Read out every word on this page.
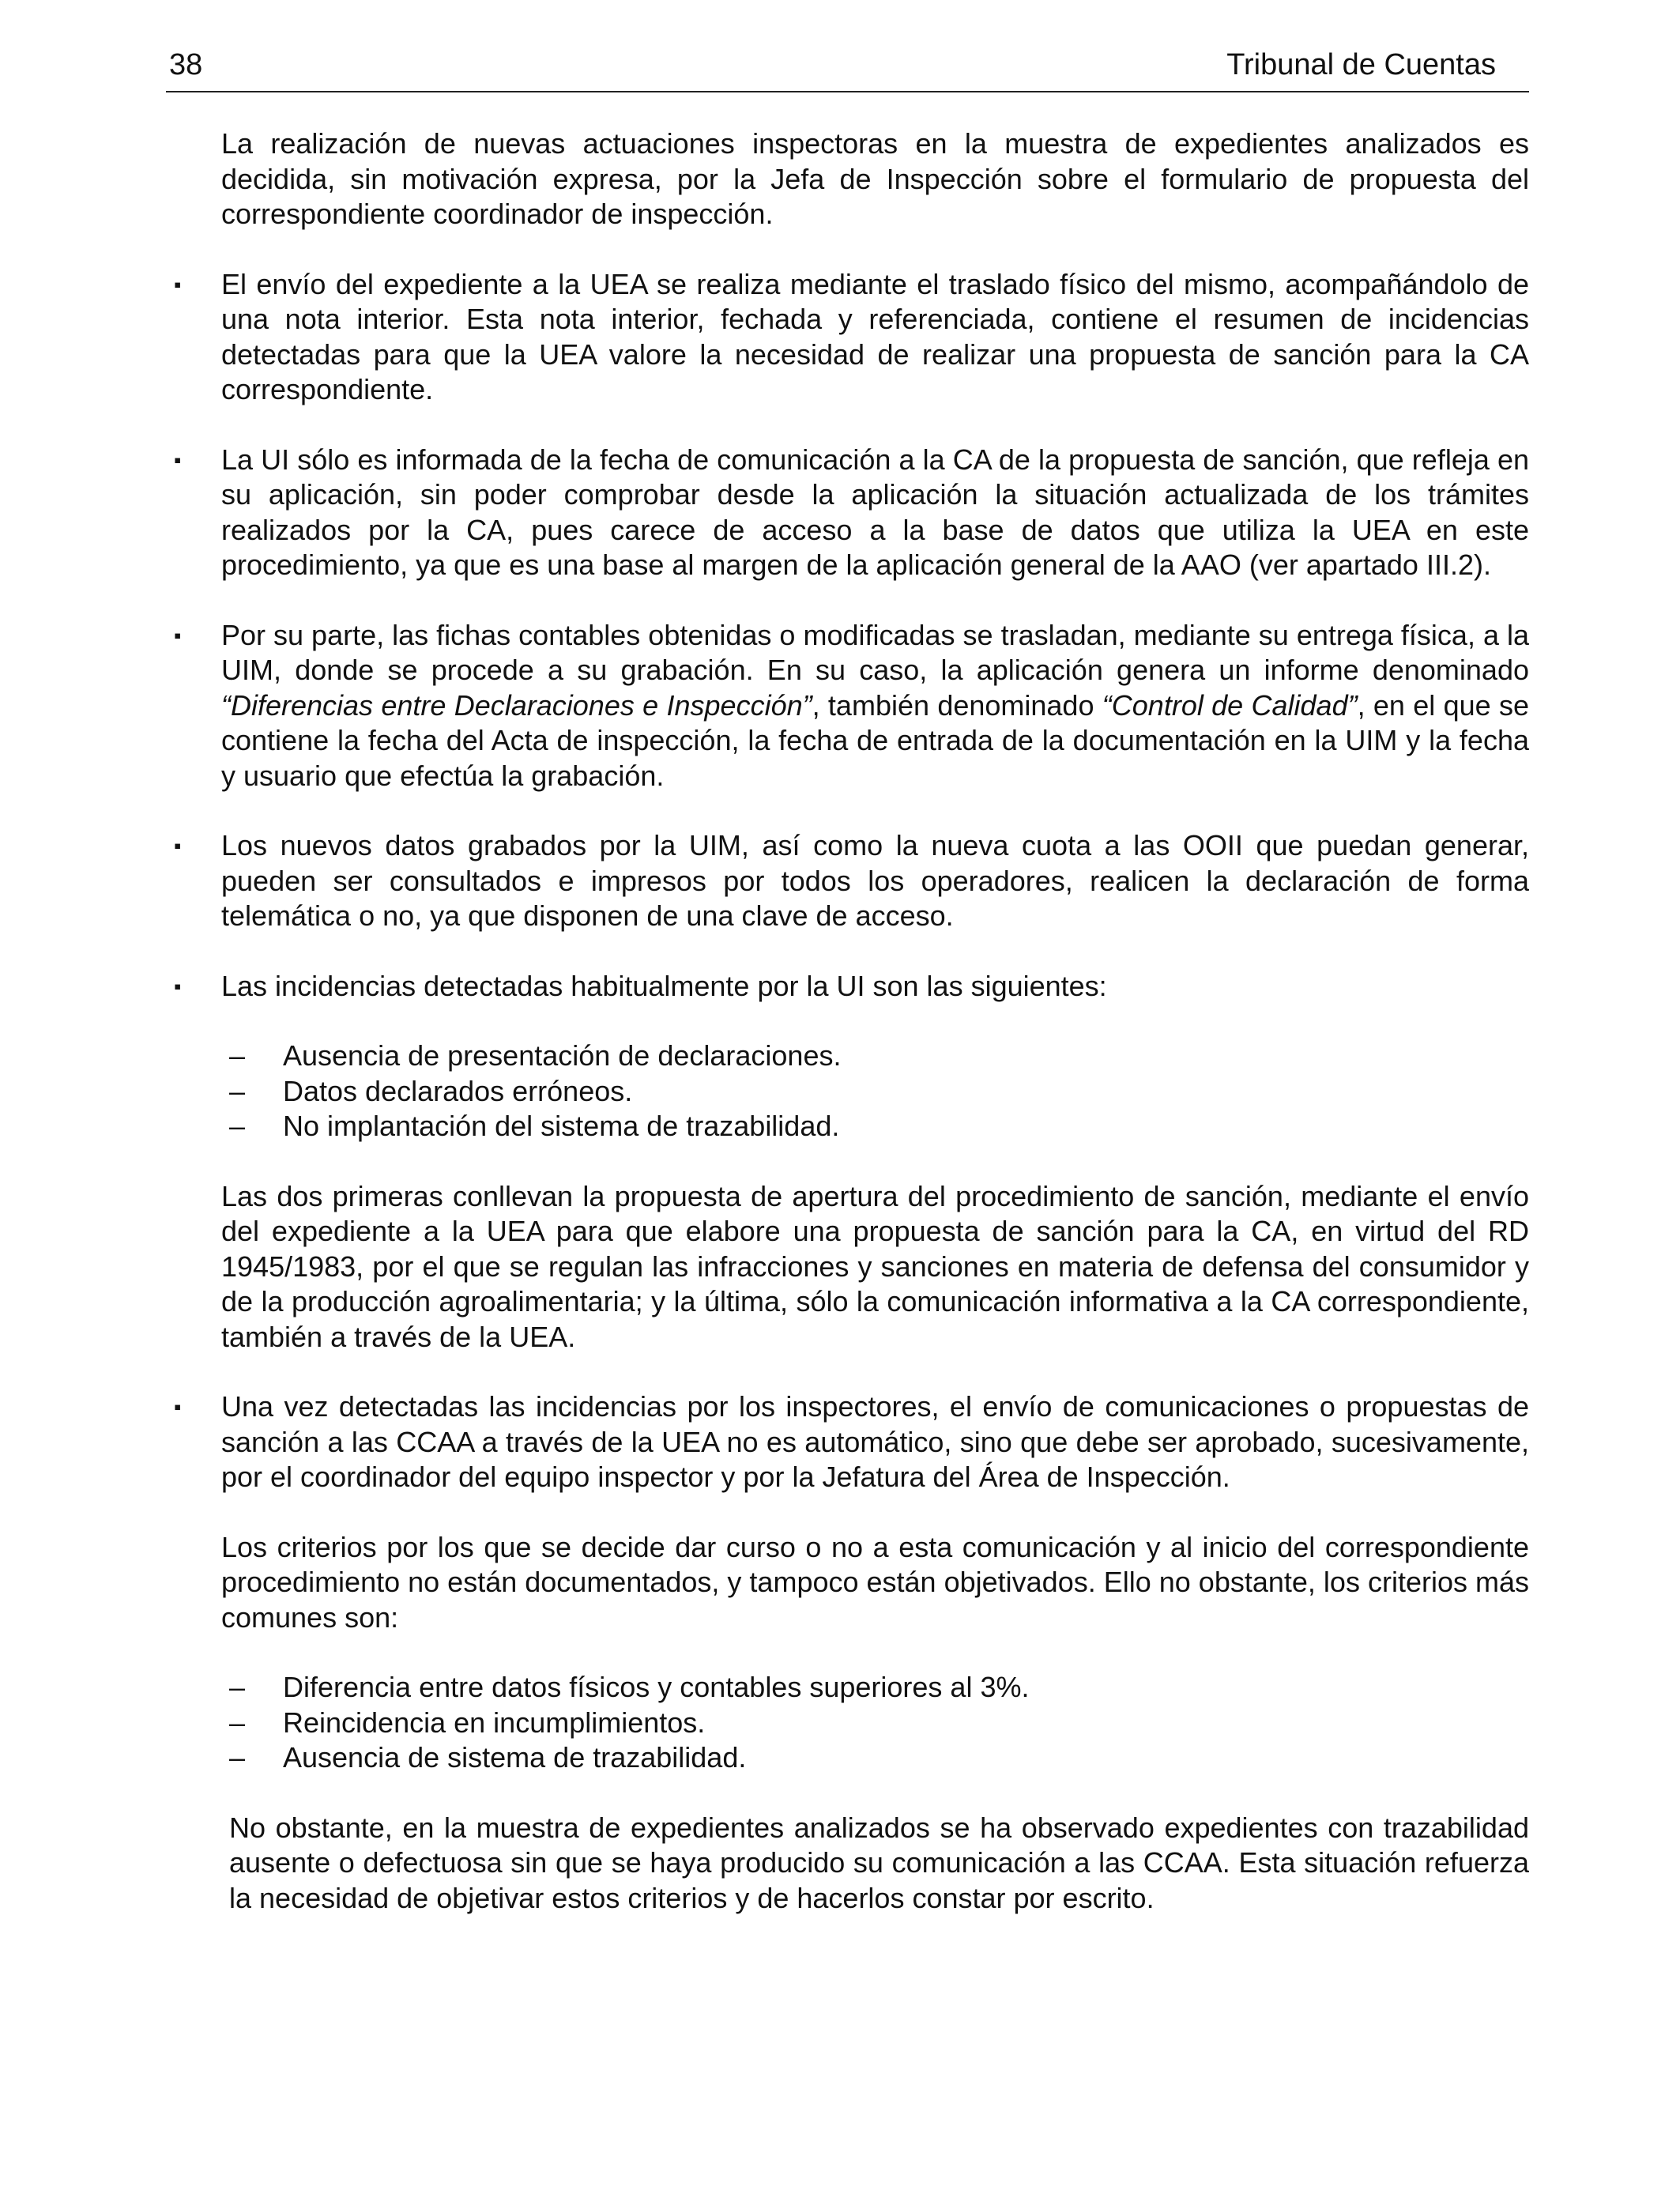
38	Tribunal de Cuentas

La realización de nuevas actuaciones inspectoras en la muestra de expedientes analizados es decidida, sin motivación expresa, por la Jefa de Inspección sobre el formulario de propuesta del correspondiente coordinador de inspección.

▪ El envío del expediente a la UEA se realiza mediante el traslado físico del mismo, acompañándolo de una nota interior. Esta nota interior, fechada y referenciada, contiene el resumen de incidencias detectadas para que la UEA valore la necesidad de realizar una propuesta de sanción para la CA correspondiente.

▪ La UI sólo es informada de la fecha de comunicación a la CA de la propuesta de sanción, que refleja en su aplicación, sin poder comprobar desde la aplicación la situación actualizada de los trámites realizados por la CA, pues carece de acceso a la base de datos que utiliza la UEA en este procedimiento, ya que es una base al margen de la aplicación general de la AAO (ver apartado III.2).

▪ Por su parte, las fichas contables obtenidas o modificadas se trasladan, mediante su entrega física, a la UIM, donde se procede a su grabación. En su caso, la aplicación genera un informe denominado “Diferencias entre Declaraciones e Inspección”, también denominado “Control de Calidad”, en el que se contiene la fecha del Acta de inspección, la fecha de entrada de la documentación en la UIM y la fecha y usuario que efectúa la grabación.

▪ Los nuevos datos grabados por la UIM, así como la nueva cuota a las OOII que puedan generar, pueden ser consultados e impresos por todos los operadores, realicen la declaración de forma telemática o no, ya que disponen de una clave de acceso.

▪ Las incidencias detectadas habitualmente por la UI son las siguientes:

– Ausencia de presentación de declaraciones.
– Datos declarados erróneos.
– No implantación del sistema de trazabilidad.

Las dos primeras conllevan la propuesta de apertura del procedimiento de sanción, mediante el envío del expediente a la UEA para que elabore una propuesta de sanción para la CA, en virtud del RD 1945/1983, por el que se regulan las infracciones y sanciones en materia de defensa del consumidor y de la producción agroalimentaria; y la última, sólo la comunicación informativa a la CA correspondiente, también a través de la UEA.

▪ Una vez detectadas las incidencias por los inspectores, el envío de comunicaciones o propuestas de sanción a las CCAA a través de la UEA no es automático, sino que debe ser aprobado, sucesivamente, por el coordinador del equipo inspector y por la Jefatura del Área de Inspección.

Los criterios por los que se decide dar curso o no a esta comunicación y al inicio del correspondiente procedimiento no están documentados, y tampoco están objetivados. Ello no obstante, los criterios más comunes son:

– Diferencia entre datos físicos y contables superiores al 3%.
– Reincidencia en incumplimientos.
– Ausencia de sistema de trazabilidad.

No obstante, en la muestra de expedientes analizados se ha observado expedientes con trazabilidad ausente o defectuosa sin que se haya producido su comunicación a las CCAA. Esta situación refuerza la necesidad de objetivar estos criterios y de hacerlos constar por escrito.
